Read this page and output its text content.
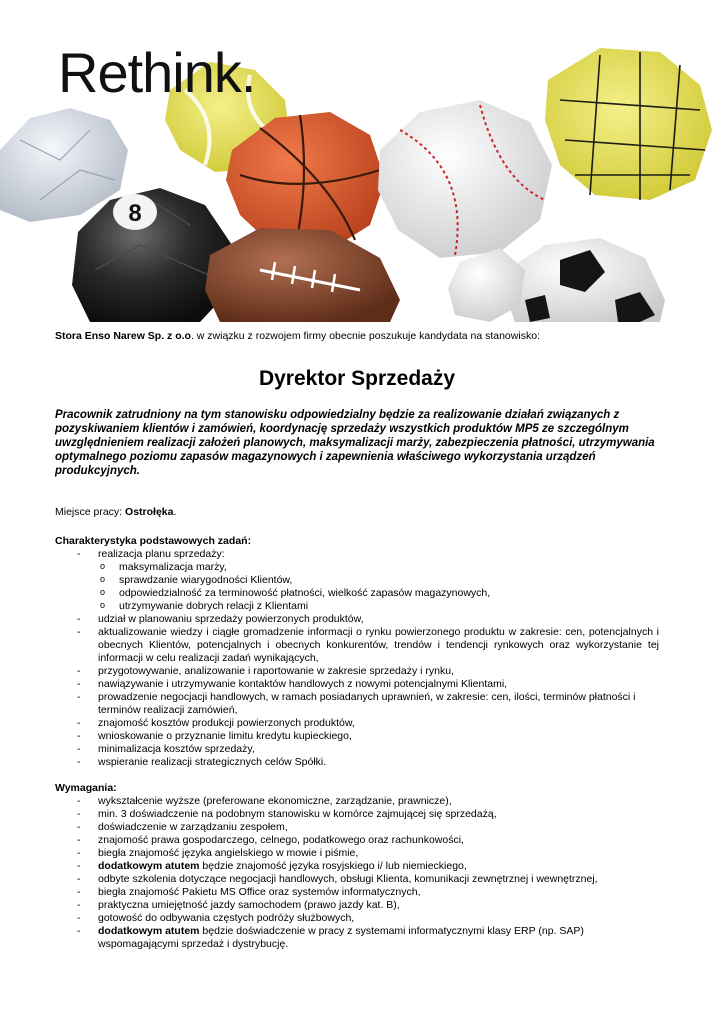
8
Rethink.

Stora Enso Narew Sp. z o.o. w związku z rozwojem firmy obecnie poszukuje kandydata na stanowisko:

Dyrektor Sprzedaży

Pracownik zatrudniony na tym stanowisku odpowiedzialny będzie za realizowanie działań związanych z pozyskiwaniem klientów i zamówień, koordynację sprzedaży wszystkich produktów MP5 ze szczególnym uwzględnieniem realizacji założeń planowych, maksymalizacji marży, zabezpieczenia płatności, utrzymywania optymalnego poziomu zapasów magazynowych i zapewnienia właściwego wykorzystania urządzeń produkcyjnych.

Miejsce pracy: Ostrołęka.

Charakterystyka podstawowych zadań:

- realizacja planu sprzedaży:
o maksymalizacja marży,
o sprawdzanie wiarygodności Klientów,
o odpowiedzialność za terminowość płatności, wielkość zapasów magazynowych,
o utrzymywanie dobrych relacji z Klientami
- udział w planowaniu sprzedaży powierzonych produktów,
- aktualizowanie wiedzy i ciągłe gromadzenie informacji o rynku powierzonego produktu w zakresie: cen, potencjalnych i obecnych Klientów, potencjalnych i obecnych konkurentów, trendów i tendencji rynkowych oraz wykorzystanie tej informacji w celu realizacji zadań wynikających,
- przygotowywanie, analizowanie i raportowanie w zakresie sprzedaży i rynku,
- nawiązywanie i utrzymywanie kontaktów handlowych z nowymi potencjalnymi Klientami,
- prowadzenie negocjacji handlowych, w ramach posiadanych uprawnień, w zakresie: cen, ilości, terminów płatności i terminów realizacji zamówień,
- znajomość kosztów produkcji powierzonych produktów,
- wnioskowanie o przyznanie limitu kredytu kupieckiego,
- minimalizacja kosztów sprzedaży,
- wspieranie realizacji strategicznych celów Spółki.

Wymagania:

- wykształcenie wyższe (preferowane ekonomiczne, zarządzanie, prawnicze),
- min. 3 doświadczenie na podobnym stanowisku w komórce zajmującej się sprzedażą,
- doświadczenie w zarządzaniu zespołem,
- znajomość prawa gospodarczego, celnego, podatkowego oraz rachunkowości,
- biegła znajomość języka angielskiego w mowie i piśmie,
- dodatkowym atutem będzie znajomość języka rosyjskiego i/ lub niemieckiego,
- odbyte szkolenia dotyczące negocjacji handlowych, obsługi Klienta, komunikacji zewnętrznej i wewnętrznej,
- biegła znajomość Pakietu MS Office oraz systemów informatycznych,
- praktyczna umiejętność jazdy samochodem (prawo jazdy kat. B),
- gotowość do odbywania częstych podróży służbowych,
- dodatkowym atutem będzie doświadczenie w pracy z systemami informatycznymi klasy ERP (np. SAP) wspomagającymi sprzedaż i dystrybucję.
